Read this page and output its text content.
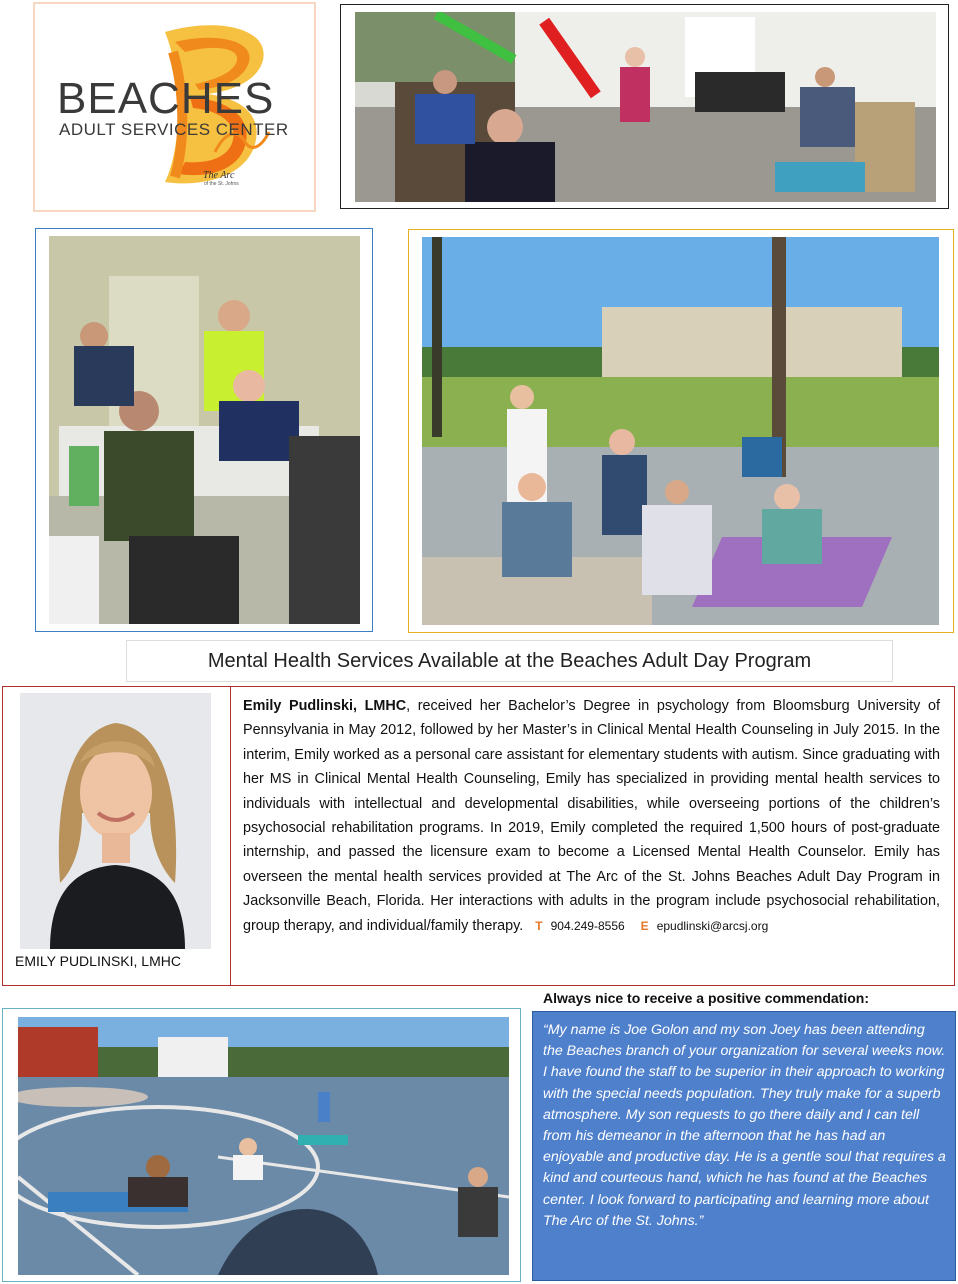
BEACHES
ADULT SERVICES CENTER
The Arc
of the St. Johns
Mental Health Services Available at the Beaches Adult Day Program
EMILY PUDLINSKI, LMHC
Emily Pudlinski, LMHC, received her Bachelor’s Degree in psychology from Bloomsburg University of Pennsylvania in May 2012, followed by her Master’s in Clinical Mental Health Counseling in July 2015. In the interim, Emily worked as a personal care assistant for elementary students with autism. Since graduating with her MS in Clinical Mental Health Counseling, Emily has specialized in providing mental health services to individuals with intellectual and developmental disabilities, while overseeing portions of the children’s psychosocial rehabilitation programs. In 2019, Emily completed the required 1,500 hours of post-graduate internship, and passed the licensure exam to become a Licensed Mental Health Counselor. Emily has overseen the mental health services provided at The Arc of the St. Johns Beaches Adult Day Program in Jacksonville Beach, Florida. Her interactions with adults in the program include psychosocial rehabilitation, group therapy, and individual/family therapy. T 904.249-8556 E epudlinski@arcsj.org
Always nice to receive a positive commendation:
“My name is Joe Golon and my son Joey has been attending the Beaches branch of your organization for several weeks now. I have found the staff to be superior in their approach to working with the special needs population. They truly make for a superb atmosphere. My son requests to go there daily and I can tell from his demeanor in the afternoon that he has had an enjoyable and productive day. He is a gentle soul that requires a kind and courteous hand, which he has found at the Beaches center. I look forward to participating and learning more about The Arc of the St. Johns.”
